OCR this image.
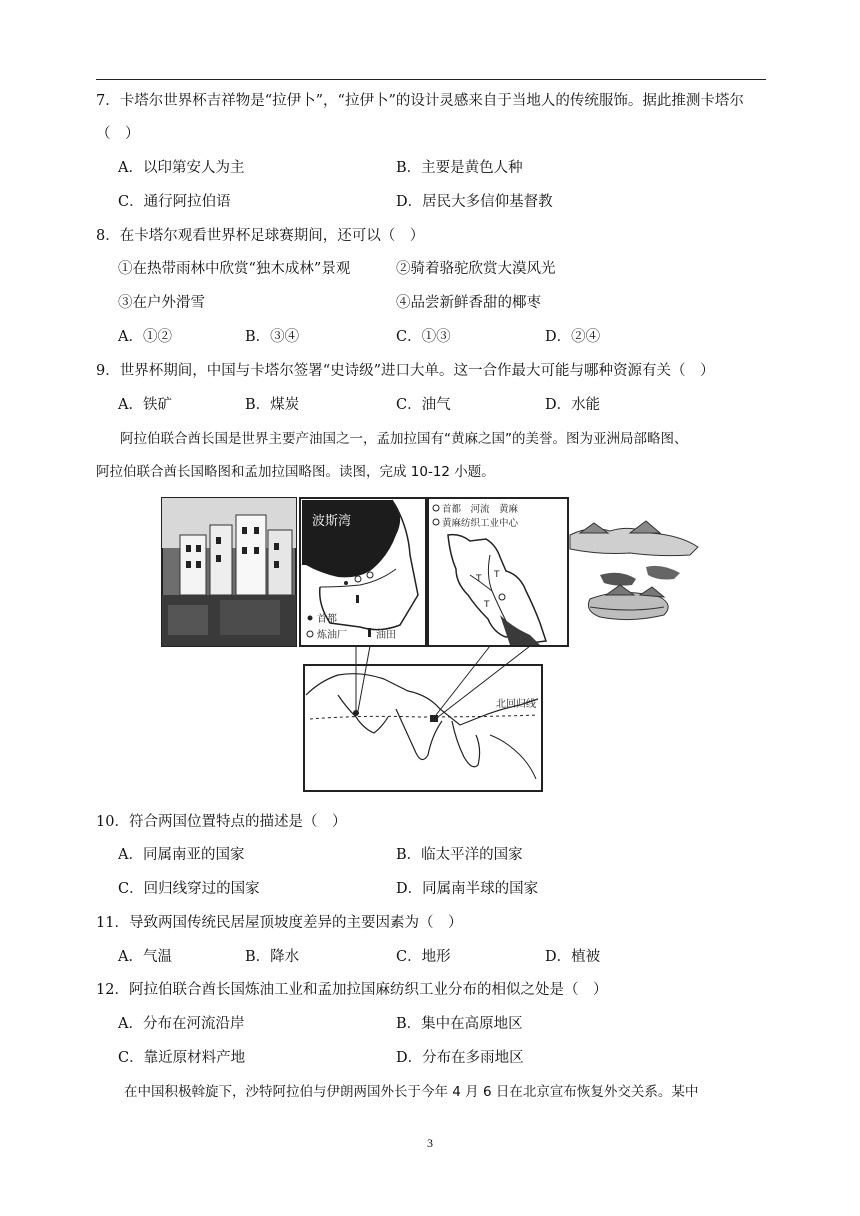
7．卡塔尔世界杯吉祥物是“拉伊卜”，“拉伊卜”的设计灵感来自于当地人的传统服饰。据此推测卡塔尔
（　）
A．以印第安人为主	B．主要是黄色人种
C．通行阿拉伯语	D．居民大多信仰基督教
8．在卡塔尔观看世界杯足球赛期间，还可以（　）
①在热带雨林中欣赏“独木成林”景观	②骑着骆驼欣赏大漠风光
③在户外滑雪	④品尝新鲜香甜的椰枣
A．①②	B．③④	C．①③	D．②④
9．世界杯期间，中国与卡塔尔签署“史诗级”进口大单。这一合作最大可能与哪种资源有关（　）
A．铁矿	B．煤炭	C．油气	D．水能
阿拉伯联合酋长国是世界主要产油国之一，孟加拉国有“黄麻之国”的美誉。图为亚洲局部略图、
阿拉伯联合酋长国略图和孟加拉国略图。读图，完成 10-12 小题。
波斯湾
首都
炼油厂	油田
首都　河流　黄麻
黄麻纺织工业中心
T T
T
北回归线
10．符合两国位置特点的描述是（　）
A．同属南亚的国家	B．临太平洋的国家
C．回归线穿过的国家	D．同属南半球的国家
11．导致两国传统民居屋顶坡度差异的主要因素为（　）
A．气温	B．降水	C．地形	D．植被
12．阿拉伯联合酋长国炼油工业和孟加拉国麻纺织工业分布的相似之处是（　）
A．分布在河流沿岸	B．集中在高原地区
C．靠近原材料产地	D．分布在多雨地区
在中国积极斡旋下，沙特阿拉伯与伊朗两国外长于今年 4 月 6 日在北京宣布恢复外交关系。某中
3
